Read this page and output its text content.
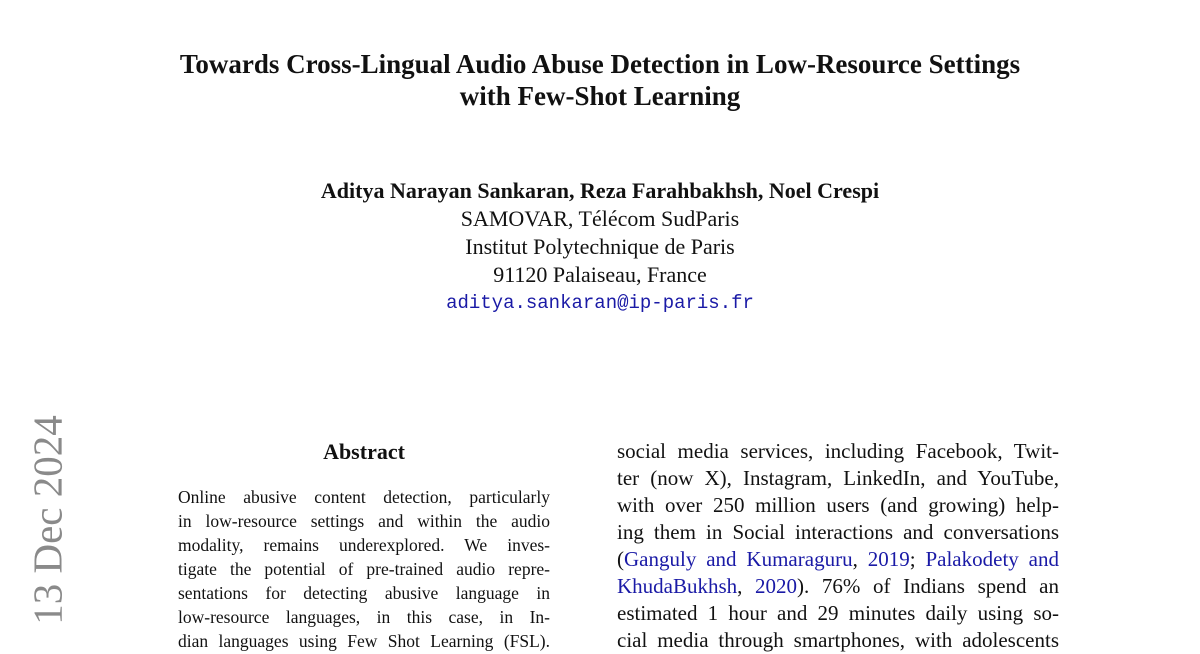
13 Dec 2024
Towards Cross-Lingual Audio Abuse Detection in Low-Resource Settings
with Few-Shot Learning
Aditya Narayan Sankaran, Reza Farahbakhsh, Noel Crespi
SAMOVAR, Télécom SudParis
Institut Polytechnique de Paris
91120 Palaiseau, France
aditya.sankaran@ip-paris.fr
Abstract
Online abusive content detection, particularly
in low-resource settings and within the audio
modality, remains underexplored. We inves-
tigate the potential of pre-trained audio repre-
sentations for detecting abusive language in
low-resource languages, in this case, in In-
dian languages using Few Shot Learning (FSL).
social media services, including Facebook, Twit-
ter (now X), Instagram, LinkedIn, and YouTube,
with over 250 million users (and growing) help-
ing them in Social interactions and conversations
(Ganguly and Kumaraguru, 2019; Palakodety and
KhudaBukhsh, 2020). 76% of Indians spend an
estimated 1 hour and 29 minutes daily using so-
cial media through smartphones, with adolescents
